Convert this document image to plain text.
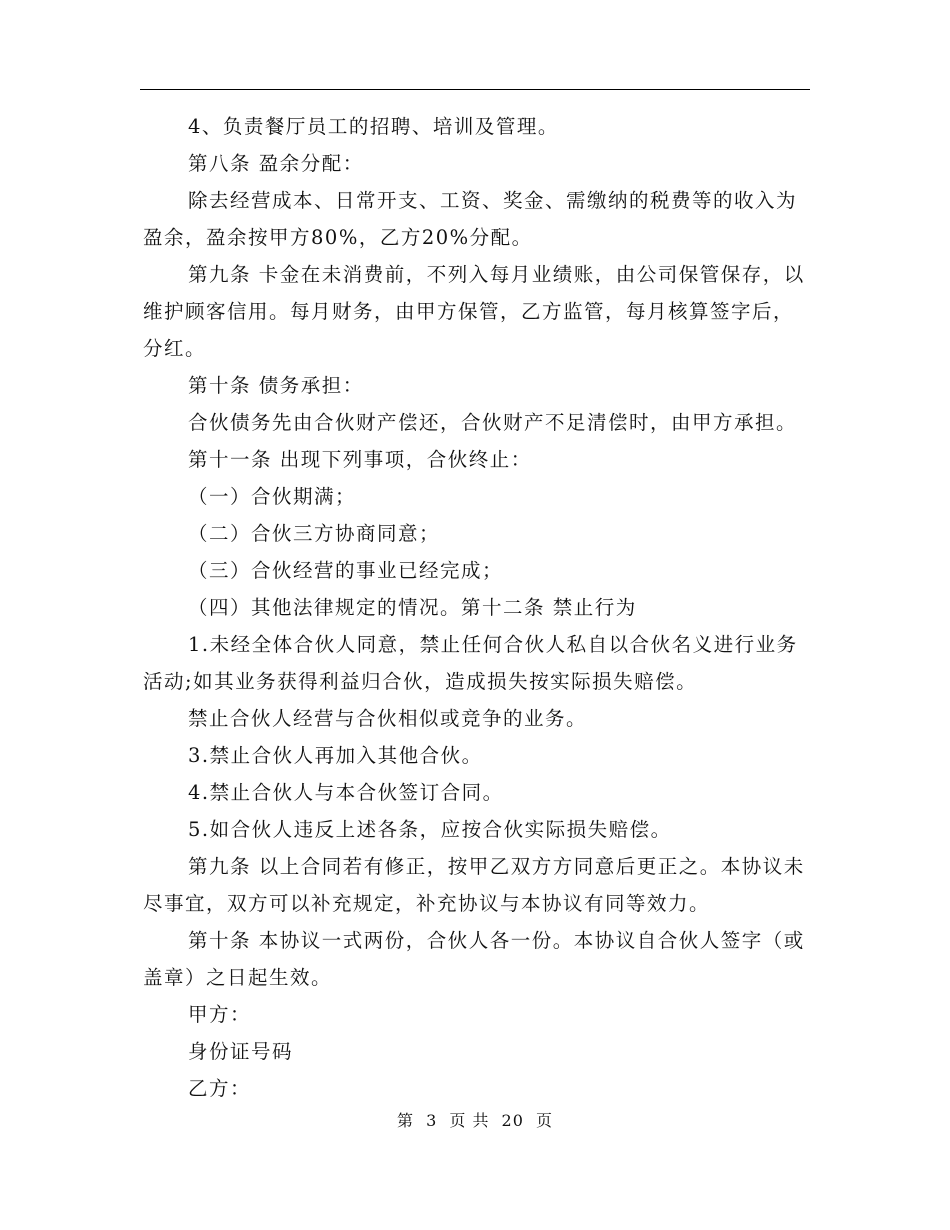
4、负责餐厅员工的招聘、培训及管理。

第八条 盈余分配：

除去经营成本、日常开支、工资、奖金、需缴纳的税费等的收入为盈余，盈余按甲方80%，乙方20%分配。

第九条 卡金在未消费前，不列入每月业绩账，由公司保管保存，以维护顾客信用。每月财务，由甲方保管，乙方监管，每月核算签字后，分红。

第十条 债务承担：

合伙债务先由合伙财产偿还，合伙财产不足清偿时，由甲方承担。

第十一条 出现下列事项，合伙终止：

（一）合伙期满；

（二）合伙三方协商同意；

（三）合伙经营的事业已经完成；

（四）其他法律规定的情况。第十二条 禁止行为

1.未经全体合伙人同意，禁止任何合伙人私自以合伙名义进行业务活动;如其业务获得利益归合伙，造成损失按实际损失赔偿。

禁止合伙人经营与合伙相似或竞争的业务。

3.禁止合伙人再加入其他合伙。

4.禁止合伙人与本合伙签订合同。

5.如合伙人违反上述各条，应按合伙实际损失赔偿。

第九条 以上合同若有修正，按甲乙双方方同意后更正之。本协议未尽事宜，双方可以补充规定，补充协议与本协议有同等效力。

第十条 本协议一式两份，合伙人各一份。本协议自合伙人签字（或盖章）之日起生效。

甲方：

身份证号码

乙方：

第 3 页 共 20 页
